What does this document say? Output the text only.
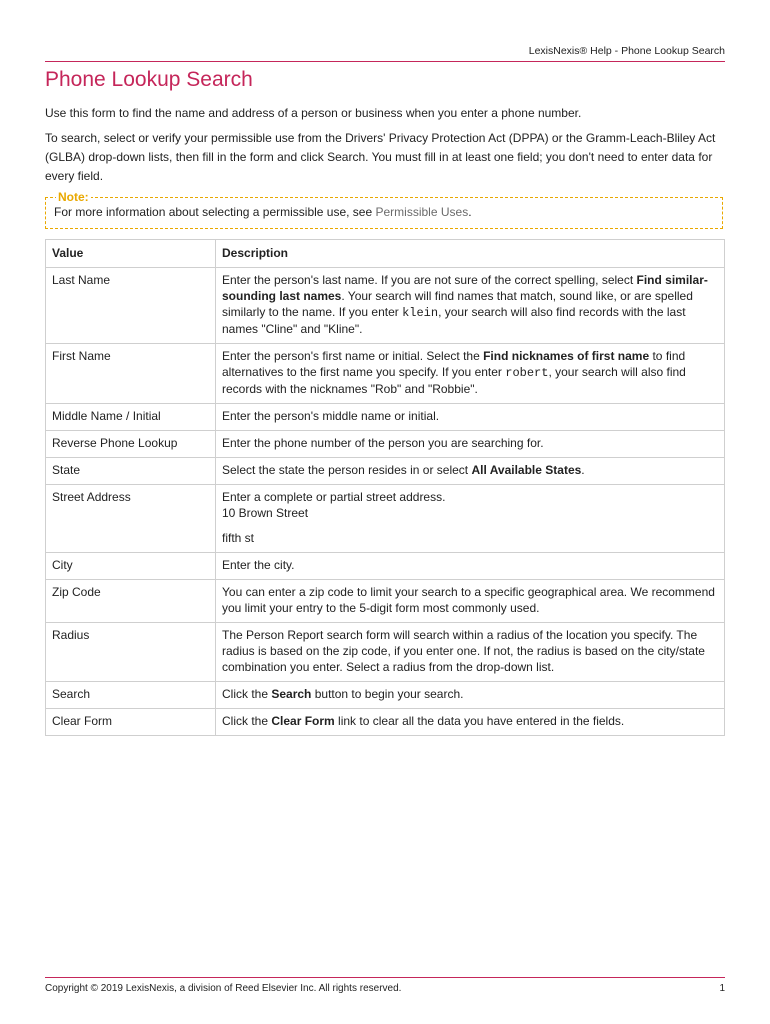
LexisNexis® Help - Phone Lookup Search
Phone Lookup Search

Use this form to find the name and address of a person or business when you enter a phone number.

To search, select or verify your permissible use from the Drivers' Privacy Protection Act (DPPA) or the Gramm-Leach-Bliley Act (GLBA) drop-down lists, then fill in the form and click Search. You must fill in at least one field; you don't need to enter data for every field.

Note:
For more information about selecting a permissible use, see Permissible Uses.
Value	Description
Last Name	Enter the person's last name. If you are not sure of the correct spelling, select Find similar-sounding last names. Your search will find names that match, sound like, or are spelled similarly to the name. If you enter klein, your search will also find records with the last names "Cline" and "Kline".
First Name	Enter the person's first name or initial. Select the Find nicknames of first name to find alternatives to the first name you specify. If you enter robert, your search will also find records with the nicknames "Rob" and "Robbie".
Middle Name / Initial	Enter the person's middle name or initial.
Reverse Phone Lookup	Enter the phone number of the person you are searching for.
State	Select the state the person resides in or select All Available States.
Street Address	Enter a complete or partial street address.
10 Brown Street
fifth st

City	Enter the city.
Zip Code	You can enter a zip code to limit your search to a specific geographical area. We recommend you limit your entry to the 5-digit form most commonly used.
Radius	The Person Report search form will search within a radius of the location you specify. The radius is based on the zip code, if you enter one. If not, the radius is based on the city/state combination you enter. Select a radius from the drop-down list.
Search	Click the Search button to begin your search.
Clear Form	Click the Clear Form link to clear all the data you have entered in the fields.
Copyright © 2019 LexisNexis, a division of Reed Elsevier Inc. All rights reserved.	1
